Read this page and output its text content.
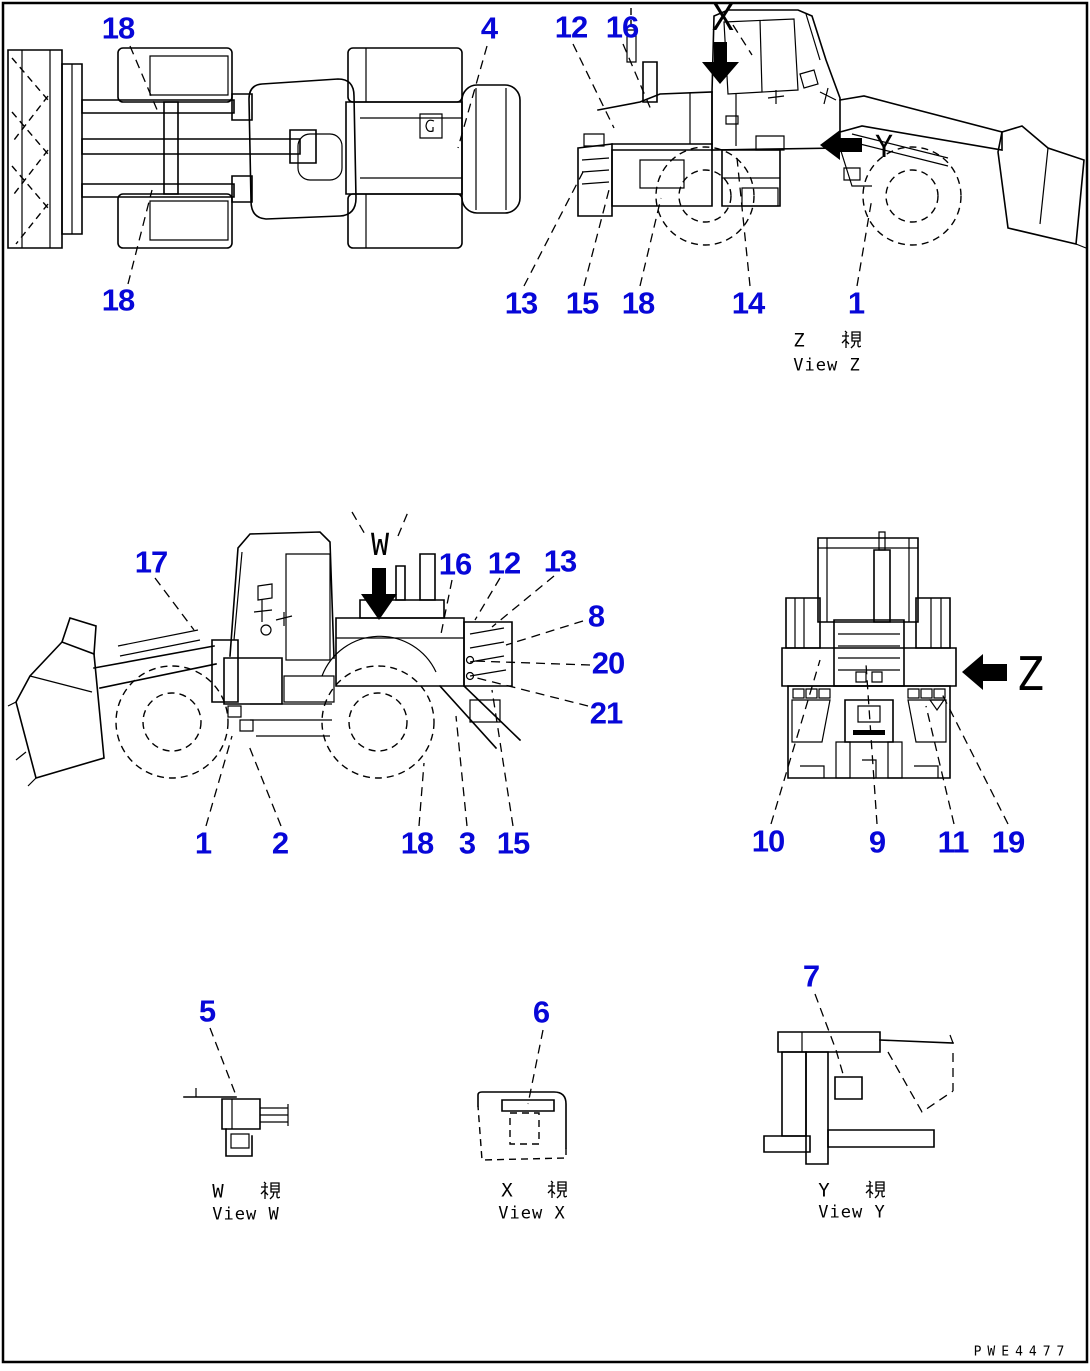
18	4
18
12 16
13 15 18	14	1
17	16 12 13
8
20
21
1 2	18 3 15	10	9 11 19
5	6
7
X
Y
W
Z
Z
View Z
W
View W
X
View X
Y
View Y
PWE4477
